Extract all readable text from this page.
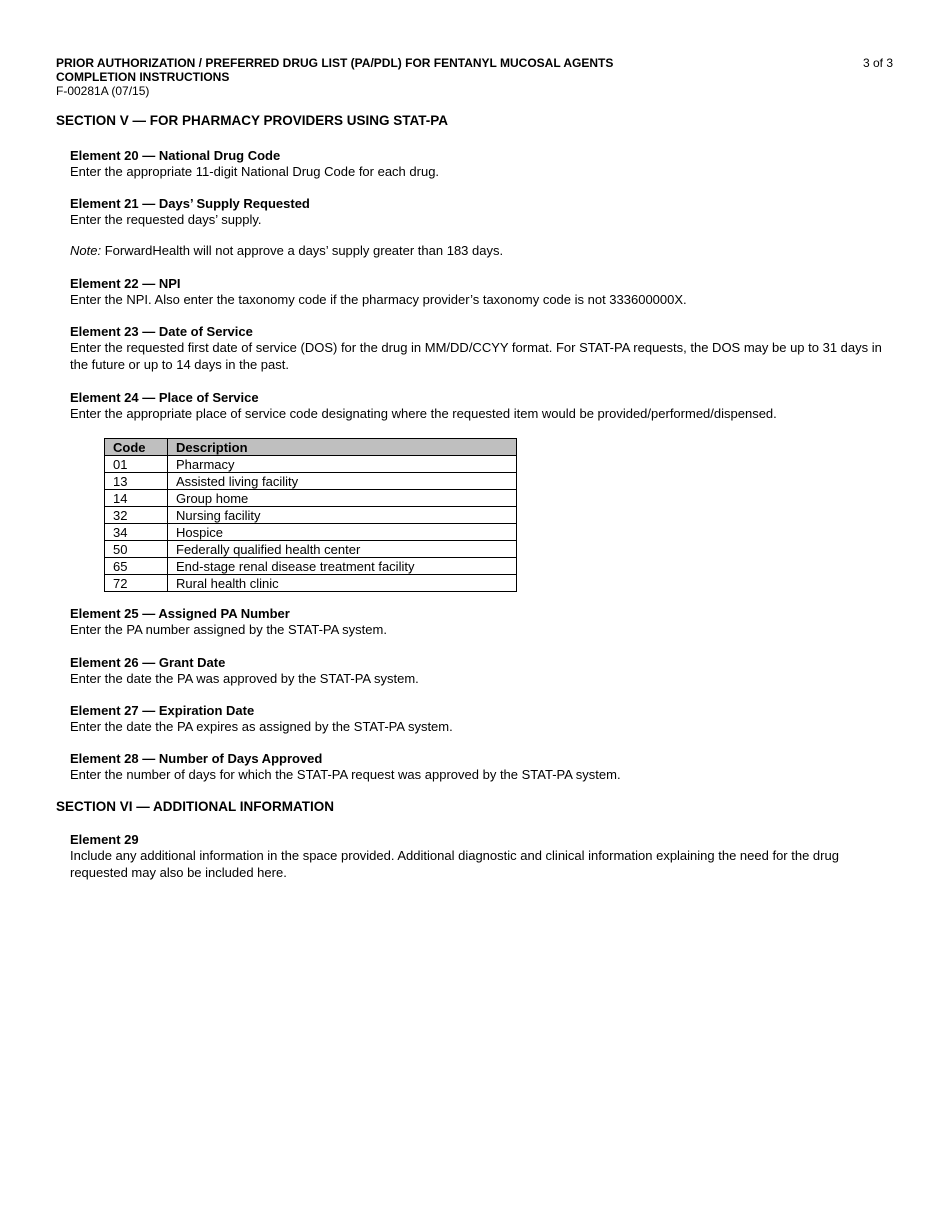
PRIOR AUTHORIZATION / PREFERRED DRUG LIST (PA/PDL) FOR FENTANYL MUCOSAL AGENTS
COMPLETION INSTRUCTIONS
F-00281A (07/15)
3 of 3
SECTION V — FOR PHARMACY PROVIDERS USING STAT-PA
Element 20 — National Drug Code
Enter the appropriate 11-digit National Drug Code for each drug.
Element 21 — Days’ Supply Requested
Enter the requested days’ supply.
Note: ForwardHealth will not approve a days’ supply greater than 183 days.
Element 22 — NPI
Enter the NPI. Also enter the taxonomy code if the pharmacy provider’s taxonomy code is not 333600000X.
Element 23 — Date of Service
Enter the requested first date of service (DOS) for the drug in MM/DD/CCYY format. For STAT-PA requests, the DOS may be up to 31 days in the future or up to 14 days in the past.
Element 24 — Place of Service
Enter the appropriate place of service code designating where the requested item would be provided/performed/dispensed.
Code	Description
01	Pharmacy
13	Assisted living facility
14	Group home
32	Nursing facility
34	Hospice
50	Federally qualified health center
65	End-stage renal disease treatment facility
72	Rural health clinic
Element 25 — Assigned PA Number
Enter the PA number assigned by the STAT-PA system.
Element 26 — Grant Date
Enter the date the PA was approved by the STAT-PA system.
Element 27 — Expiration Date
Enter the date the PA expires as assigned by the STAT-PA system.
Element 28 — Number of Days Approved
Enter the number of days for which the STAT-PA request was approved by the STAT-PA system.
SECTION VI — ADDITIONAL INFORMATION
Element 29
Include any additional information in the space provided. Additional diagnostic and clinical information explaining the need for the drug requested may also be included here.
